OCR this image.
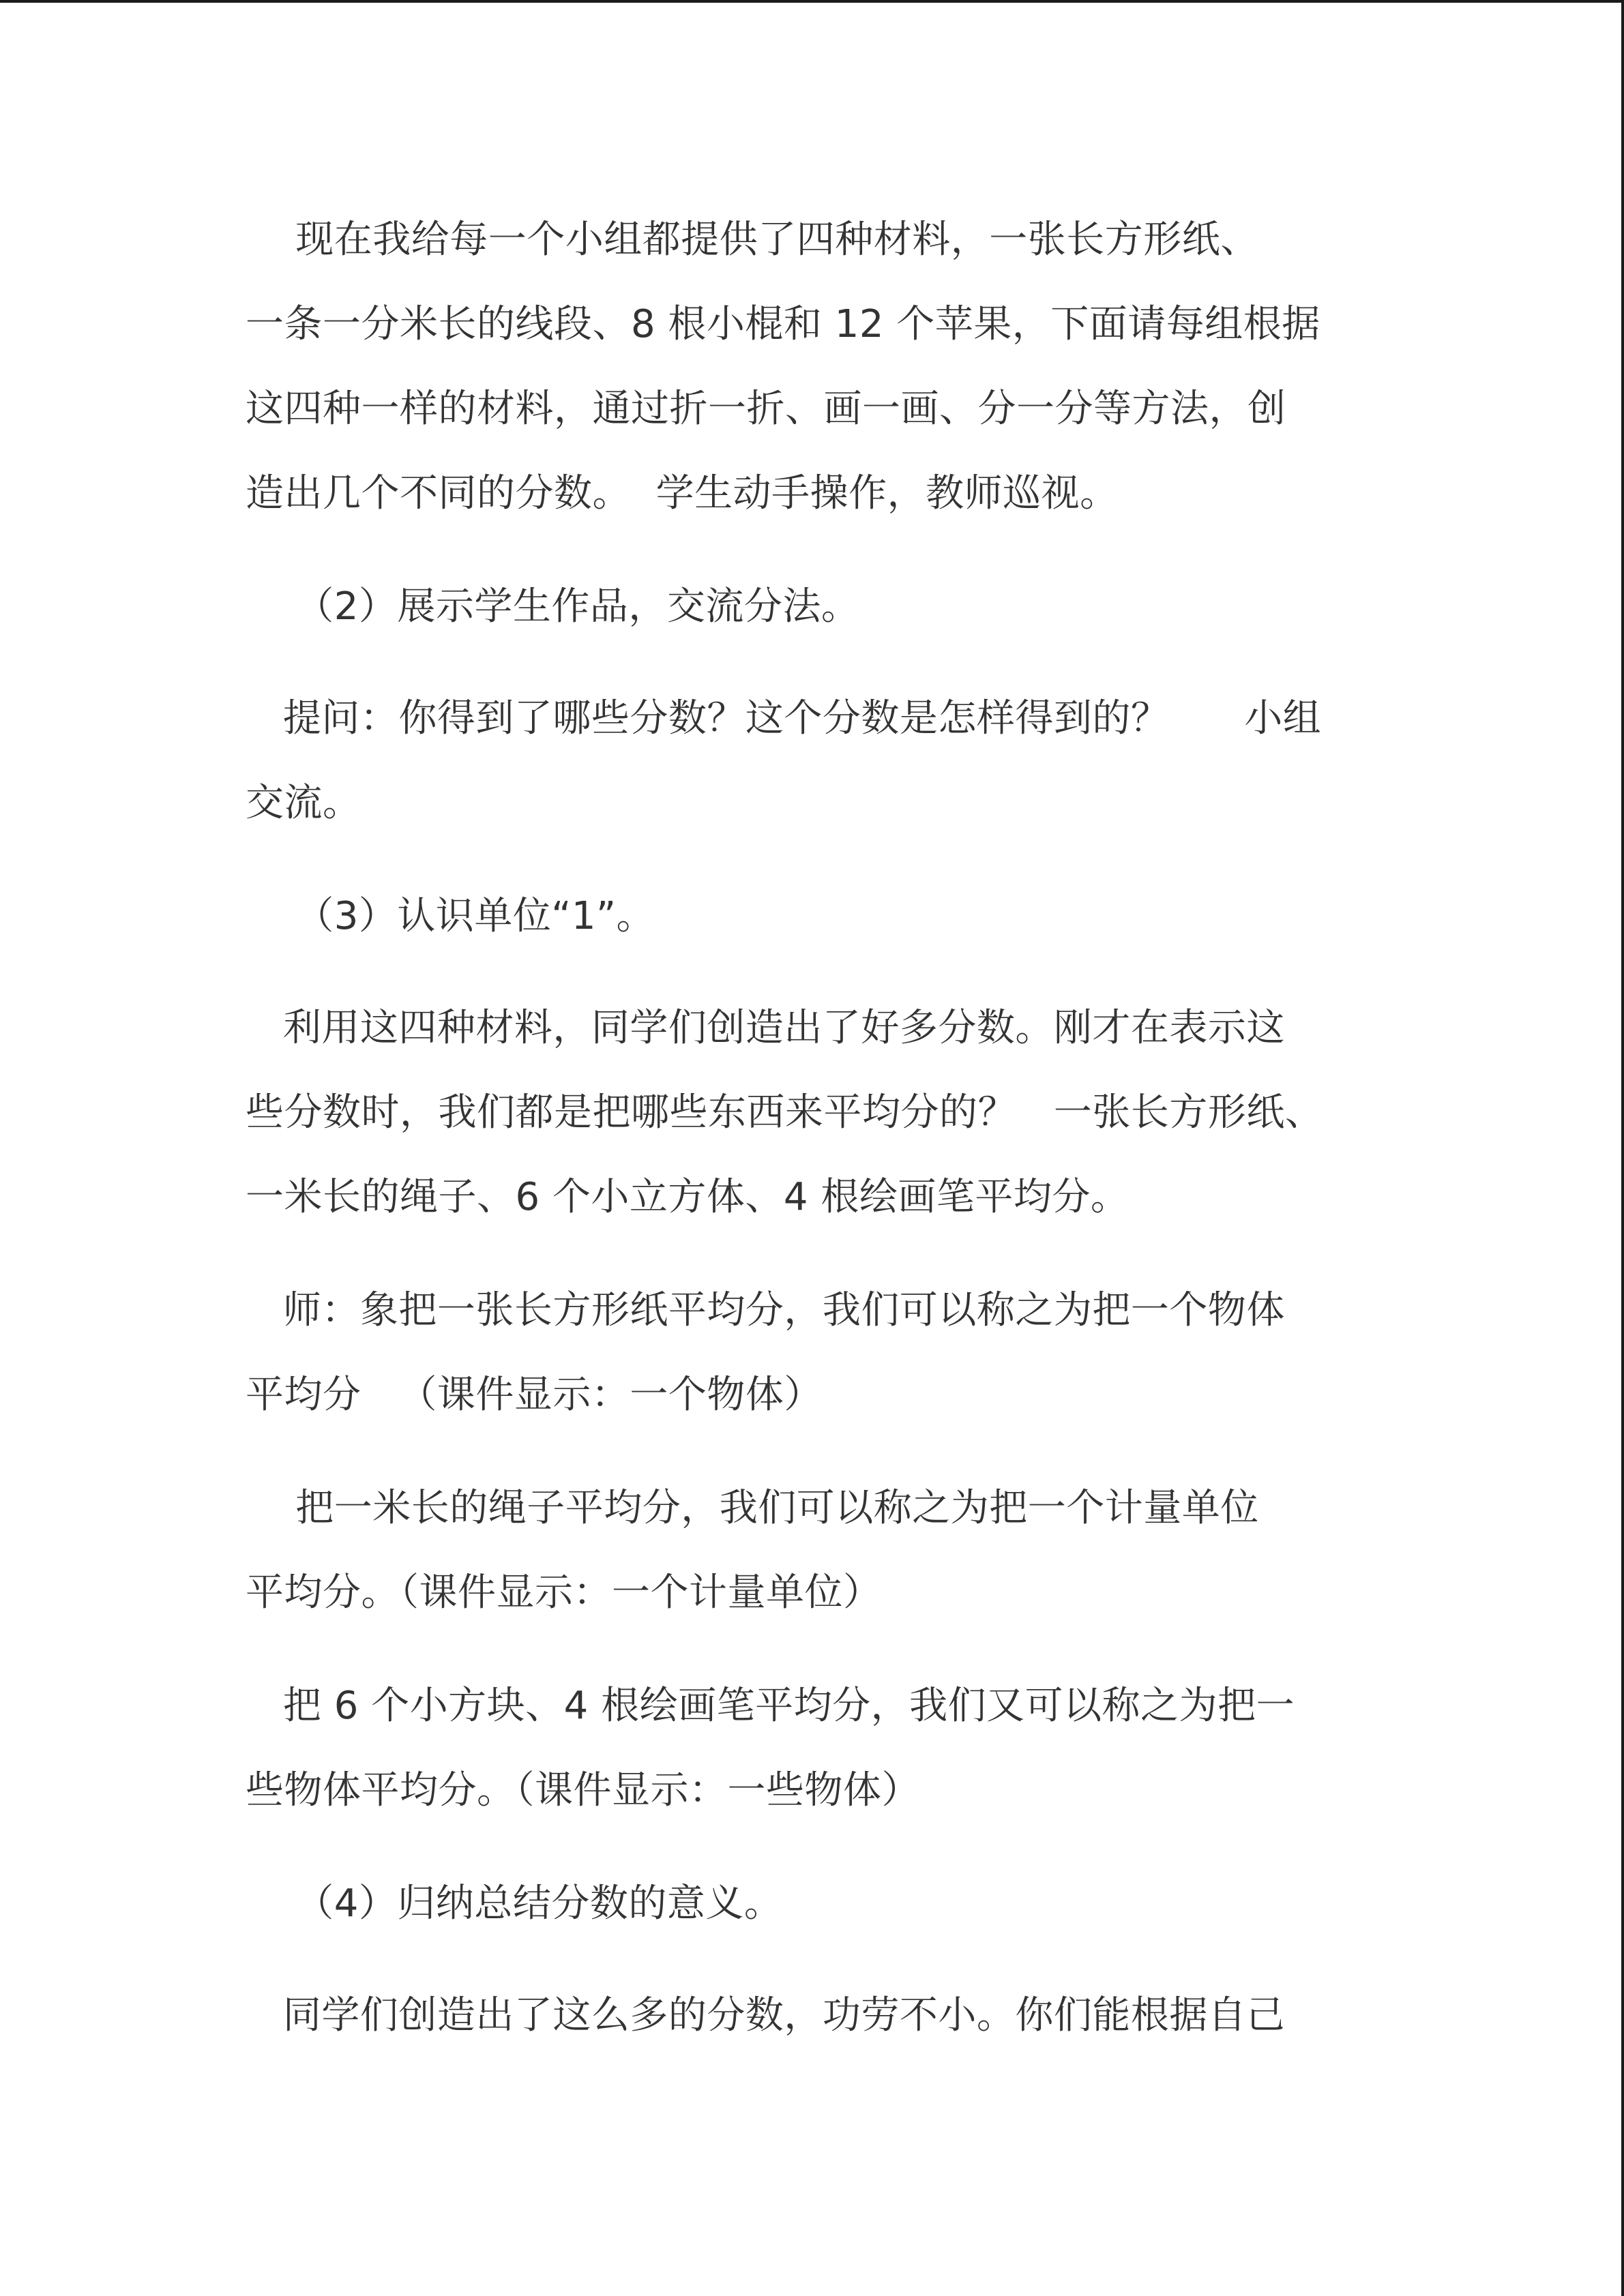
现在我给每一个小组都提供了四种材料，一张长方形纸、
一条一分米长的线段、8 根小棍和 12 个苹果，下面请每组根据
这四种一样的材料，通过折一折、画一画、分一分等方法，创
造出几个不同的分数。  学生动手操作，教师巡视。
（2）展示学生作品，交流分法。
提问：你得到了哪些分数？这个分数是怎样得到的？      小组
交流。
（3）认识单位“1”。
利用这四种材料，同学们创造出了好多分数。刚才在表示这
些分数时，我们都是把哪些东西来平均分的？   一张长方形纸、
一米长的绳子、6 个小立方体、4 根绘画笔平均分。
师：象把一张长方形纸平均分，我们可以称之为把一个物体
平均分   （课件显示：一个物体）
把一米长的绳子平均分，我们可以称之为把一个计量单位
平均分。（课件显示：一个计量单位）
把 6 个小方块、4 根绘画笔平均分，我们又可以称之为把一
些物体平均分。（课件显示：一些物体）
（4）归纳总结分数的意义。
同学们创造出了这么多的分数，功劳不小。你们能根据自己
